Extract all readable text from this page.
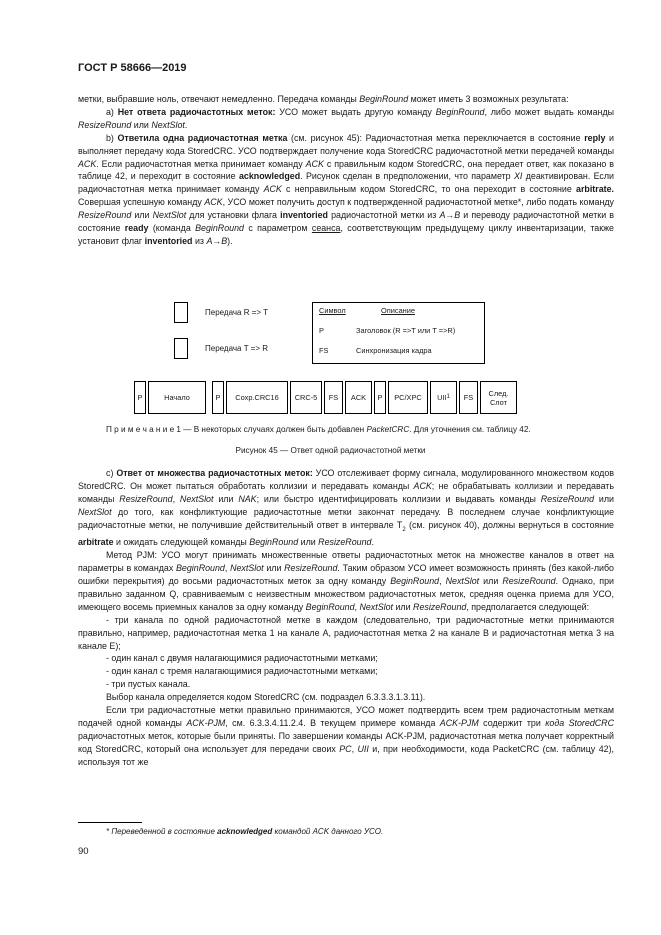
ГОСТ Р 58666—2019

метки, выбравшие ноль, отвечают немедленно. Передача команды BeginRound может иметь 3 возможных результата:

а) Нет ответа радиочастотных меток: УСО может выдать другую команду BeginRound, либо может выдать команды ResizeRound или NextSlot.

b) Ответила одна радиочастотная метка (см. рисунок 45): Радиочастотная метка переключается в состояние reply и выполняет передачу кода StoredCRC. УСО подтверждает получение кода StoredCRC радиочастотной метки передачей команды ACK. Если радиочастотная метка принимает команду ACK с правильным кодом StoredCRC, она передает ответ, как показано в таблице 42, и переходит в состояние acknowledged. Рисунок сделан в предположении, что параметр XI деактивирован. Если радиочастотная метка принимает команду ACK с неправильным кодом StoredCRC, то она переходит в состояние arbitrate. Совершая успешную команду ACK, УСО может получить доступ к подтвержденной радиочастотной метке*, либо подать команду ResizeRound или NextSlot для установки флага inventoried радиочастотной метки из A→B и переводу радиочастотной метки в состояние ready (команда BeginRound с параметром сеанса, соответствующим предыдущему циклу инвентаризации, также установит флаг inventoried из A→B).

Передача R => T
Передача T => R
Символ	Описание
P	Заголовок (R =>T или T =>R)
FS	Синхронизация кадра
P	Начало	P	Сохр.CRC16	CRC-5	FS	ACK	P	PC/XPC	UII 1	FS	След.
Слот
П р и м е ч а н и е 1 — В некоторых случаях должен быть добавлен PacketCRC. Для уточнения см. таблицу 42.
Рисунок 45 — Ответ одной радиочастотной метки

c) Ответ от множества радиочастотных меток: УСО отслеживает форму сигнала, модулированного множеством кодов StoredCRC. Он может пытаться обработать коллизии и передавать команды ACK; не обрабатывать коллизии и передавать команды ResizeRound, NextSlot или NAK; или быстро идентифицировать коллизии и выдавать команды ResizeRound или NextSlot до того, как конфликтующие радиочастотные метки закончат передачу. В последнем случае конфликтующие радиочастотные метки, не получившие действительный ответ в интервале $T_2$ (см. рисунок 40), должны вернуться в состояние arbitrate и ожидать следующей команды BeginRound или ResizeRound.

Метод PJM: УСО могут принимать множественные ответы радиочастотных меток на множестве каналов в ответ на параметры в командах BeginRound, NextSlot или ResizeRound. Таким образом УСО имеет возможность принять (без какой-либо ошибки перекрытия) до восьми радиочастотных меток за одну команду BeginRound, NextSlot или ResizeRound. Однако, при правильно заданном Q, сравниваемым с неизвестным множеством радиочастотных меток, средняя оценка приема для УСО, имеющего восемь приемных каналов за одну команду BeginRound, NextSlot или ResizeRound, предполагается следующей:

- три канала по одной радиочастотной метке в каждом (следовательно, три радиочастотные метки принимаются правильно, например, радиочастотная метка 1 на канале А, радиочастотная метка 2 на канале В и радиочастотная метка 3 на канале Е);

- один канал с двумя налагающимися радиочастотными метками;

- один канал с тремя налагающимися радиочастотными метками;

- три пустых канала.

Выбор канала определяется кодом StoredCRC (см. подраздел 6.3.3.3.1.3.11).

Если три радиочастотные метки правильно принимаются, УСО может подтвердить всем трем радиочастотным меткам подачей одной команды ACK-PJM, см. 6.3.3.4.11.2.4. В текущем примере команда ACK-PJM содержит три кода StoredCRC радиочастотных меток, которые были приняты. По завершении команды ACK-PJM, радиочастотная метка получает корректный код StoredCRC, который она использует для передачи своих PC, UII и, при необходимости, кода PacketCRC (см. таблицу 42), используя тот же

* Переведенной в состояние acknowledged командой ACK данного УСО.
90
